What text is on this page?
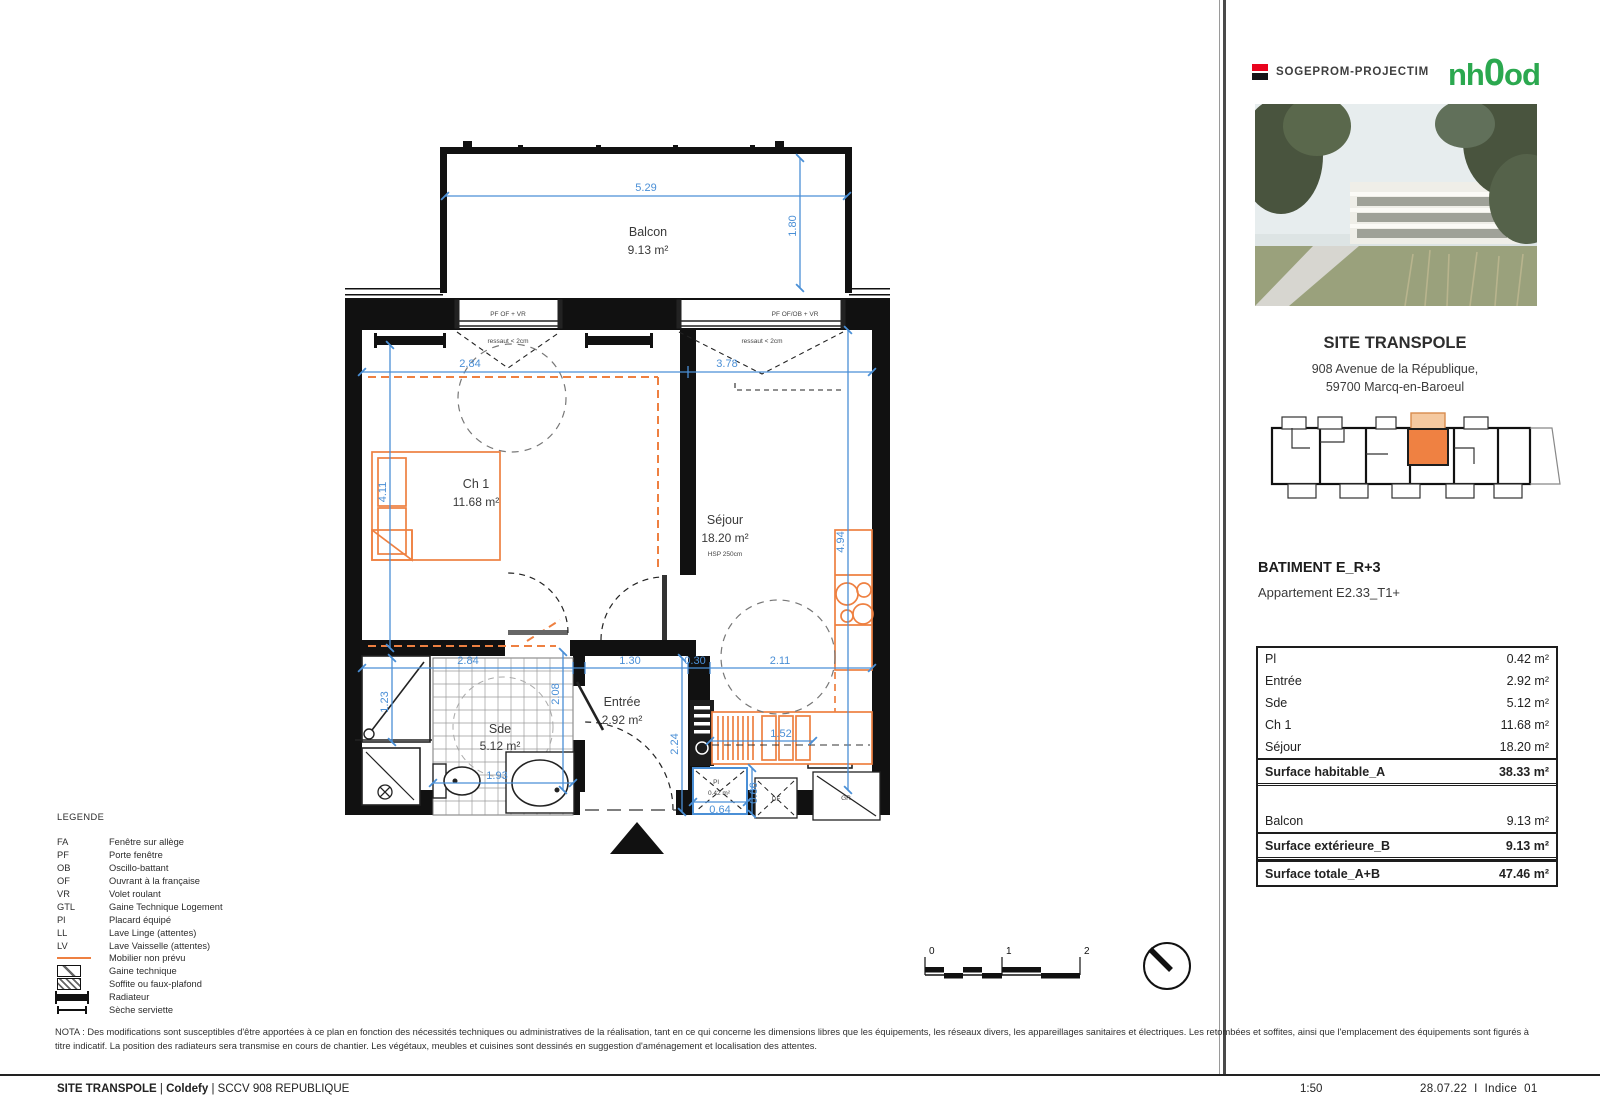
PF OF + VR	PF OF/OB + VR
ressaut < 2cm	ressaut < 2cm
DF	GR
Pl
0.42 m²
5.29
1.80
2.84	3.78
4.11
4.94
2.84	1.30	0.30	2.11
1.23	2.08
2.24
1.93
1.52
0.64
0.66
Balcon
9.13 m²
Ch 1
11.68 m²
Séjour
18.20 m²
HSP 250cm
Sde
5.12 m²
Entrée
2.92 m²
0	1	2
SOGEPROM-PROJECTIM nh 0 od
SITE TRANSPOLE
908 Avenue de la République,
59700 Marcq-en-Baroeul
BATIMENT E_R+3
Appartement E2.33_T1+
Pl	0.42 m²
Entrée	2.92 m²
Sde	5.12 m²
Ch 1	11.68 m²
Séjour	18.20 m²
Surface habitable_A	38.33 m²
Balcon	9.13 m²
Surface extérieure_B	9.13 m²
Surface totale_A+B	47.46 m²
LEGENDE
FA	Fenêtre sur allège
PF	Porte fenêtre
OB	Oscillo-battant
OF	Ouvrant à la française
VR	Volet roulant
GTL	Gaine Technique Logement
Pl	Placard équipé
LL	Lave Linge (attentes)
LV	Lave Vaisselle (attentes)
Mobilier non prévu
Gaine technique
Soffite ou faux-plafond
Radiateur
Sèche serviette
NOTA : Des modifications sont susceptibles d'être apportées à ce plan en fonction des nécessités techniques ou administratives de la réalisation, tant en ce qui concerne les dimensions libres que les équipements, les réseaux divers, les appareillages sanitaires et électriques. Les retombées et soffites, ainsi que l'emplacement des équipements sont figurés à titre indicatif. La position des radiateurs sera transmise en cours de chantier. Les végétaux, meubles et cuisines sont dessinés en suggestion d'aménagement et localisation des attentes.
SITE TRANSPOLE | Coldefy | SCCV 908 REPUBLIQUE	1:50	28.07.22 I Indice 01
